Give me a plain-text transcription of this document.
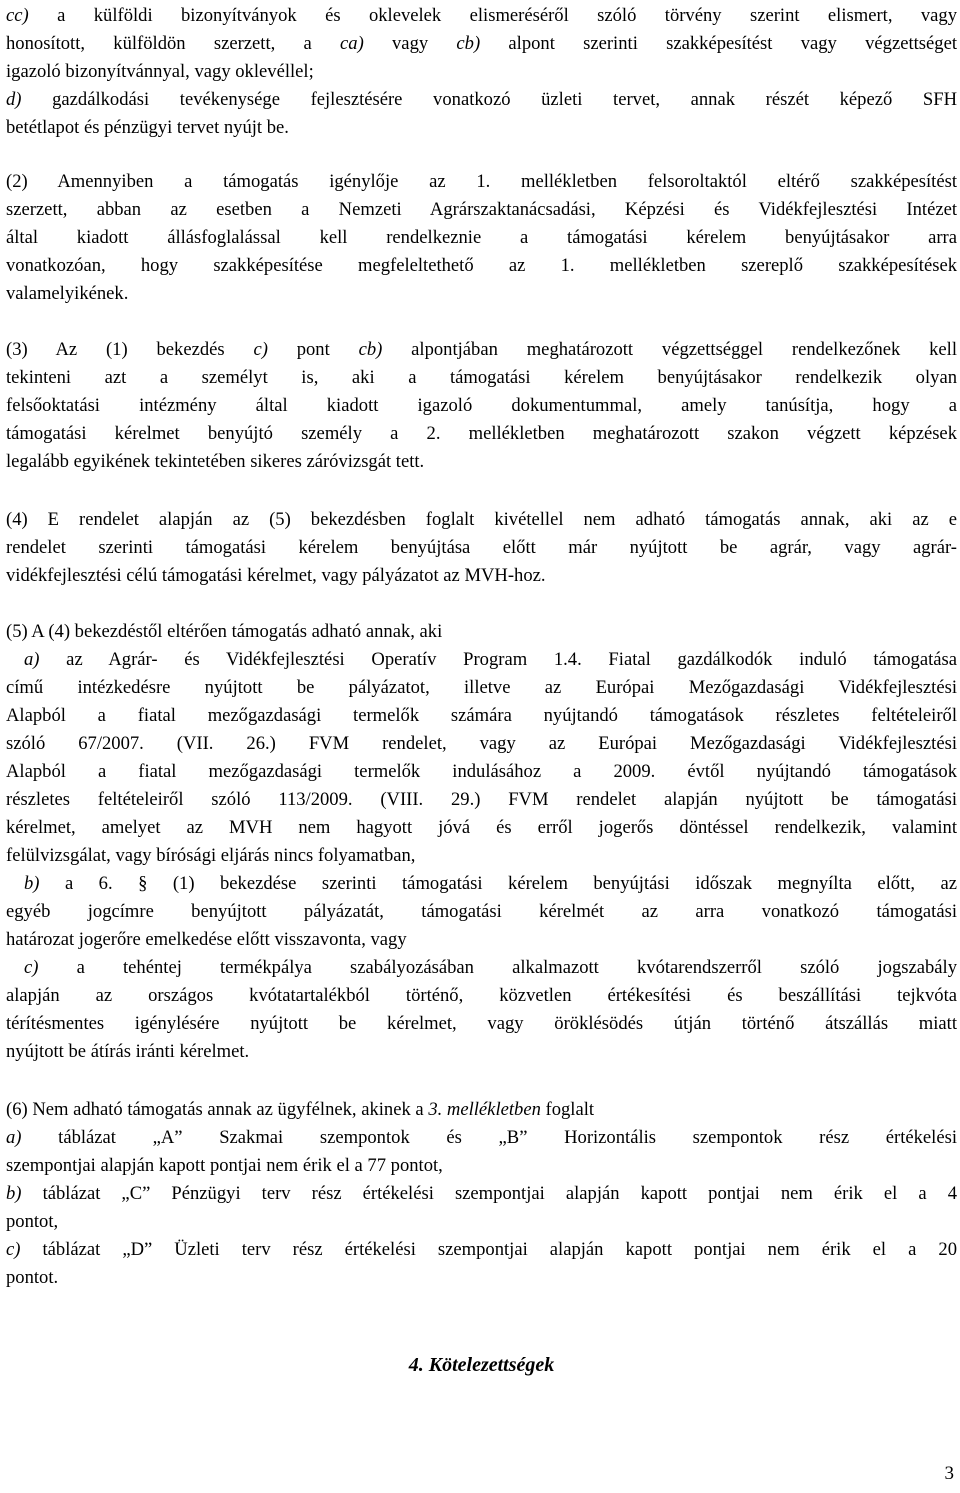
cc) a külföldi bizonyítványok és oklevelek elismeréséről szóló törvény szerint elismert, vagy
honosított, külföldön szerzett, a ca) vagy cb) alpont szerinti szakképesítést vagy végzettséget
igazoló bizonyítvánnyal, vagy oklevéllel;
d) gazdálkodási tevékenysége fejlesztésére vonatkozó üzleti tervet, annak részét képező SFH
betétlapot és pénzügyi tervet nyújt be.
(2) Amennyiben a támogatás igénylője az 1. mellékletben felsoroltaktól eltérő szakképesítést
szerzett, abban az esetben a Nemzeti Agrárszaktanácsadási, Képzési és Vidékfejlesztési Intézet
által kiadott állásfoglalással kell rendelkeznie a támogatási kérelem benyújtásakor arra
vonatkozóan, hogy szakképesítése megfeleltethető az 1. mellékletben szereplő szakképesítések
valamelyikének.
(3) Az (1) bekezdés c) pont cb) alpontjában meghatározott végzettséggel rendelkezőnek kell
tekinteni azt a személyt is, aki a támogatási kérelem benyújtásakor rendelkezik olyan
felsőoktatási intézmény által kiadott igazoló dokumentummal, amely tanúsítja, hogy a
támogatási kérelmet benyújtó személy a 2. mellékletben meghatározott szakon végzett képzések
legalább egyikének tekintetében sikeres záróvizsgát tett.
(4) E rendelet alapján az (5) bekezdésben foglalt kivétellel nem adható támogatás annak, aki az e
rendelet szerinti támogatási kérelem benyújtása előtt már nyújtott be agrár, vagy agrár-
vidékfejlesztési célú támogatási kérelmet, vagy pályázatot az MVH-hoz.
(5) A (4) bekezdéstől eltérően támogatás adható annak, aki
a) az Agrár- és Vidékfejlesztési Operatív Program 1.4. Fiatal gazdálkodók induló támogatása
című intézkedésre nyújtott be pályázatot, illetve az Európai Mezőgazdasági Vidékfejlesztési
Alapból a fiatal mezőgazdasági termelők számára nyújtandó támogatások részletes feltételeiről
szóló 67/2007. (VII. 26.) FVM rendelet, vagy az Európai Mezőgazdasági Vidékfejlesztési
Alapból a fiatal mezőgazdasági termelők indulásához a 2009. évtől nyújtandó támogatások
részletes feltételeiről szóló 113/2009. (VIII. 29.) FVM rendelet alapján nyújtott be támogatási
kérelmet, amelyet az MVH nem hagyott jóvá és erről jogerős döntéssel rendelkezik, valamint
felülvizsgálat, vagy bírósági eljárás nincs folyamatban,
b) a 6. § (1) bekezdése szerinti támogatási kérelem benyújtási időszak megnyílta előtt, az
egyéb jogcímre benyújtott pályázatát, támogatási kérelmét az arra vonatkozó támogatási
határozat jogerőre emelkedése előtt visszavonta, vagy
c) a tehéntej termékpálya szabályozásában alkalmazott kvótarendszerről szóló jogszabály
alapján az országos kvótatartalékból történő, közvetlen értékesítési és beszállítási tejkvóta
térítésmentes igénylésére nyújtott be kérelmet, vagy öröklésödés útján történő átszállás miatt
nyújtott be átírás iránti kérelmet.
(6) Nem adható támogatás annak az ügyfélnek, akinek a 3. mellékletben foglalt
a) táblázat „A” Szakmai szempontok és „B” Horizontális szempontok rész értékelési
szempontjai alapján kapott pontjai nem érik el a 77 pontot,
b) táblázat „C” Pénzügyi terv rész értékelési szempontjai alapján kapott pontjai nem érik el a 4
pontot,
c) táblázat „D” Üzleti terv rész értékelési szempontjai alapján kapott pontjai nem érik el a 20
pontot.
4. Kötelezettségek
3
